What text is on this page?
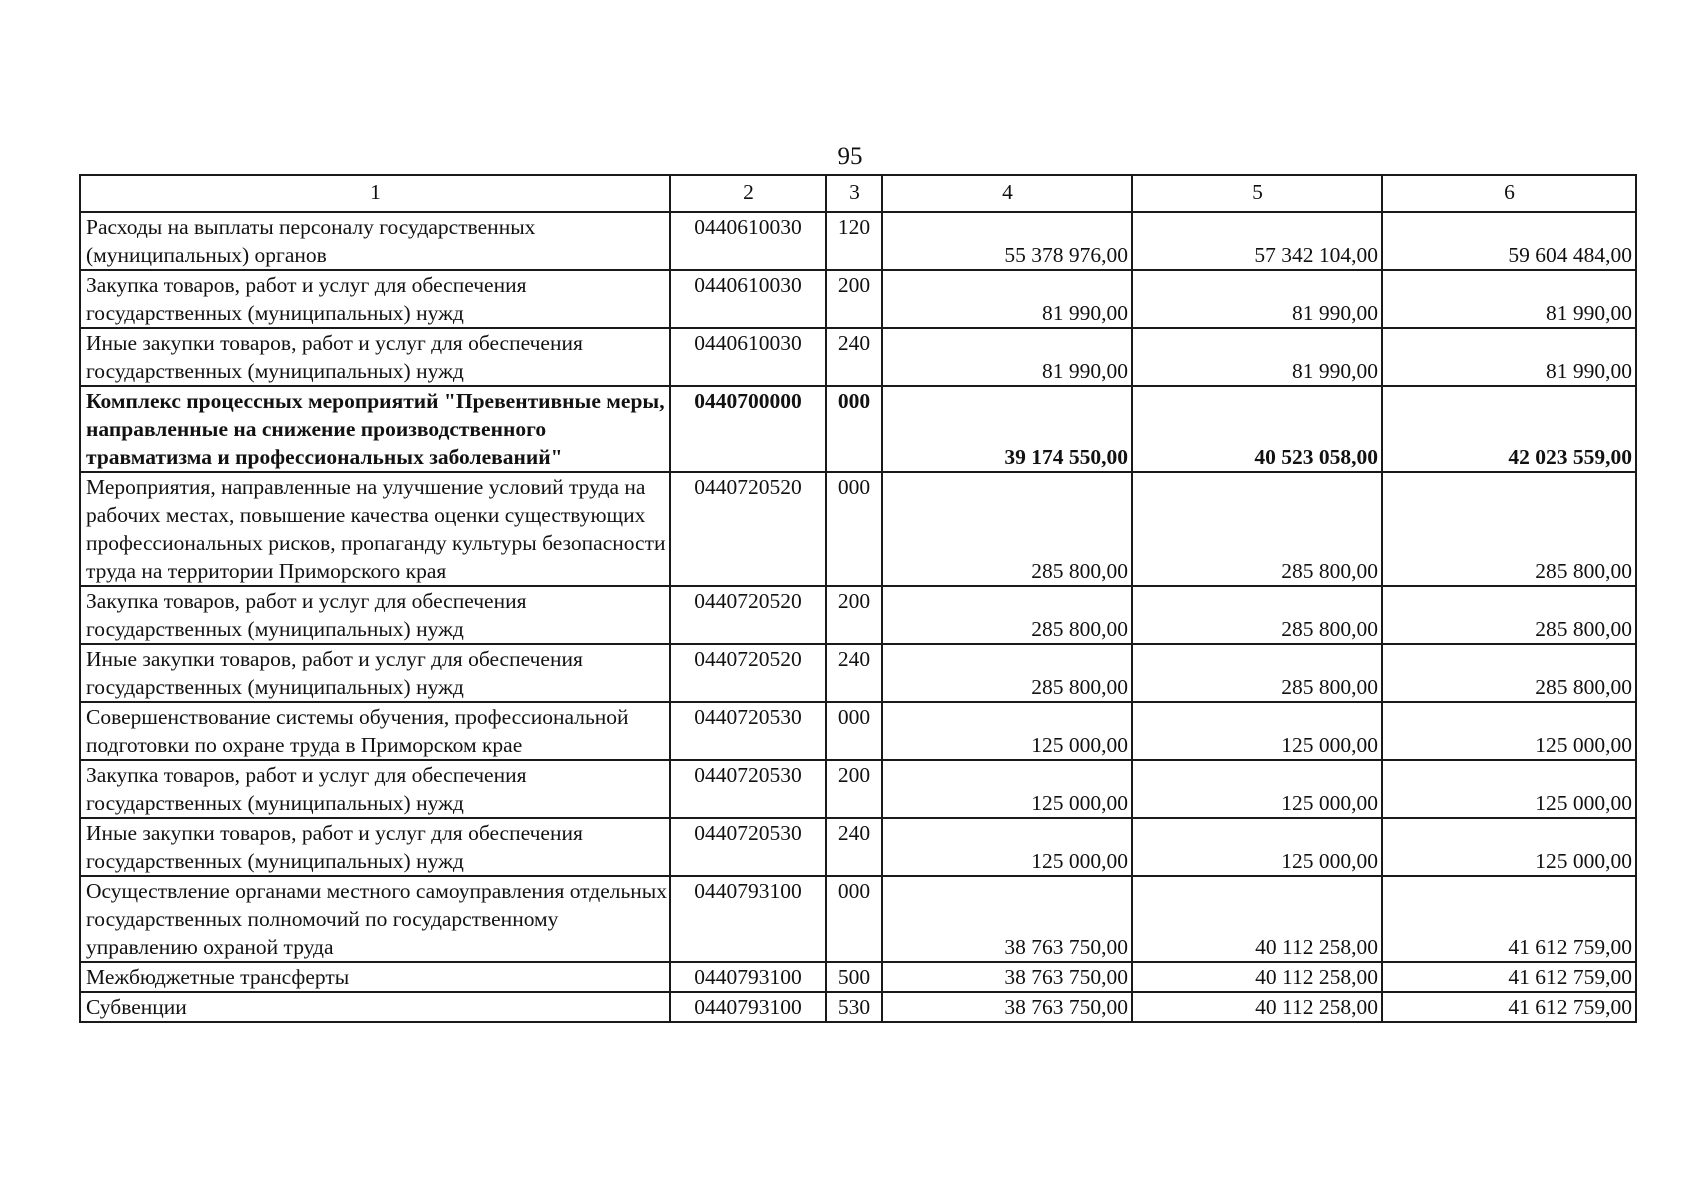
95
1	2	3	4	5	6
Расходы на выплаты персоналу государственных (муниципальных) органов	0440610030	120	55 378 976,00	57 342 104,00	59 604 484,00
Закупка товаров, работ и услуг для обеспечения государственных (муниципальных) нужд	0440610030	200	81 990,00	81 990,00	81 990,00
Иные закупки товаров, работ и услуг для обеспечения государственных (муниципальных) нужд	0440610030	240	81 990,00	81 990,00	81 990,00
Комплекс процессных мероприятий "Превентивные меры, направленные на снижение производственного травматизма и профессиональных заболеваний"	0440700000	000	39 174 550,00	40 523 058,00	42 023 559,00
Мероприятия, направленные на улучшение условий труда на рабочих местах, повышение качества оценки существующих профессиональных рисков, пропаганду культуры безопасности труда на территории Приморского края	0440720520	000	285 800,00	285 800,00	285 800,00
Закупка товаров, работ и услуг для обеспечения государственных (муниципальных) нужд	0440720520	200	285 800,00	285 800,00	285 800,00
Иные закупки товаров, работ и услуг для обеспечения государственных (муниципальных) нужд	0440720520	240	285 800,00	285 800,00	285 800,00
Совершенствование системы обучения, профессиональной подготовки по охране труда в Приморском крае	0440720530	000	125 000,00	125 000,00	125 000,00
Закупка товаров, работ и услуг для обеспечения государственных (муниципальных) нужд	0440720530	200	125 000,00	125 000,00	125 000,00
Иные закупки товаров, работ и услуг для обеспечения государственных (муниципальных) нужд	0440720530	240	125 000,00	125 000,00	125 000,00
Осуществление органами местного самоуправления отдельных государственных полномочий по государственному управлению охраной труда	0440793100	000	38 763 750,00	40 112 258,00	41 612 759,00
Межбюджетные трансферты	0440793100	500	38 763 750,00	40 112 258,00	41 612 759,00
Субвенции	0440793100	530	38 763 750,00	40 112 258,00	41 612 759,00
